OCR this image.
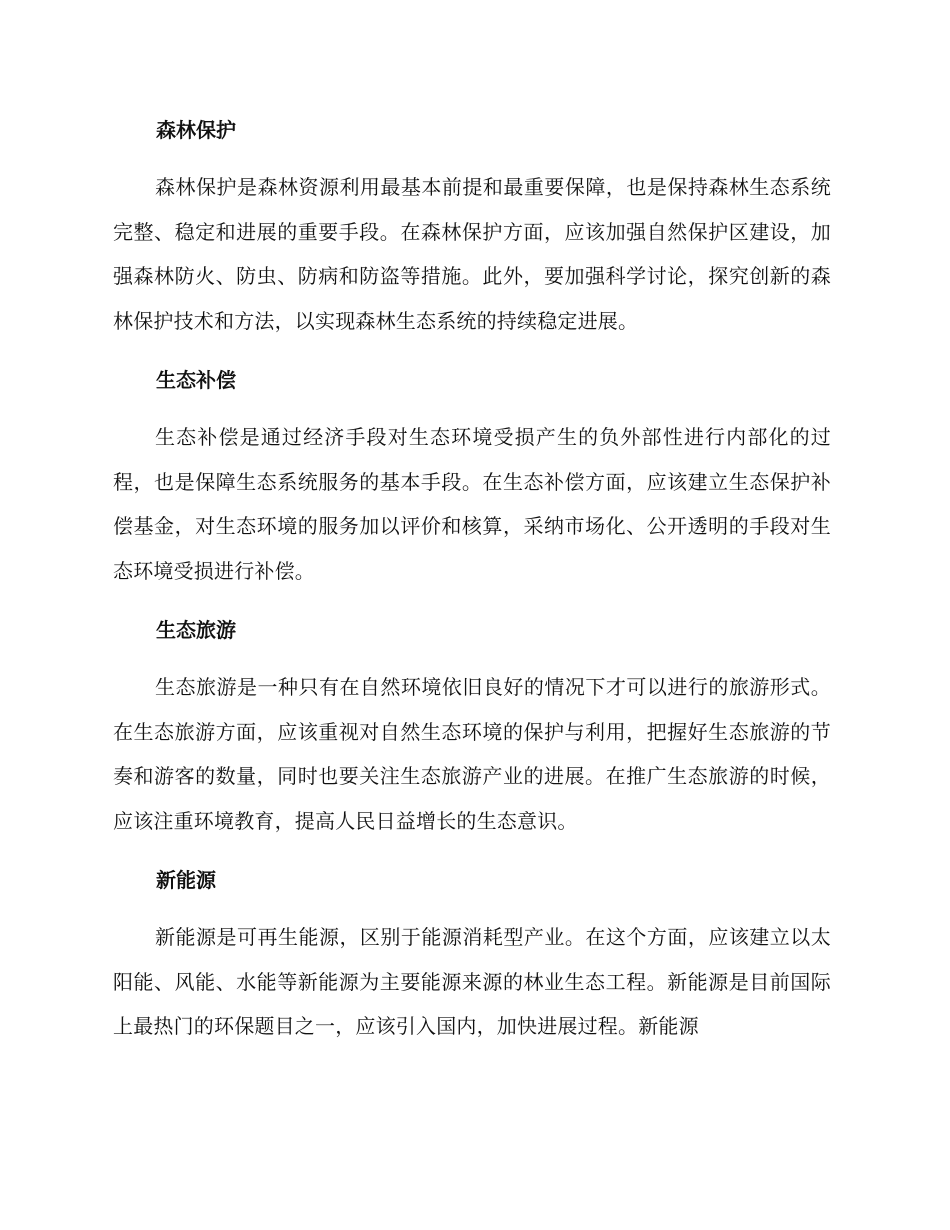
森林保护
森林保护是森林资源利用最基本前提和最重要保障，也是保持森林生态系统完整、稳定和进展的重要手段。在森林保护方面，应该加强自然保护区建设，加强森林防火、防虫、防病和防盗等措施。此外，要加强科学讨论，探究创新的森林保护技术和方法，以实现森林生态系统的持续稳定进展。
生态补偿
生态补偿是通过经济手段对生态环境受损产生的负外部性进行内部化的过程，也是保障生态系统服务的基本手段。在生态补偿方面，应该建立生态保护补偿基金，对生态环境的服务加以评价和核算，采纳市场化、公开透明的手段对生态环境受损进行补偿。
生态旅游
生态旅游是一种只有在自然环境依旧良好的情况下才可以进行的旅游形式。在生态旅游方面，应该重视对自然生态环境的保护与利用，把握好生态旅游的节奏和游客的数量，同时也要关注生态旅游产业的进展。在推广生态旅游的时候，应该注重环境教育，提高人民日益增长的生态意识。
新能源
新能源是可再生能源，区别于能源消耗型产业。在这个方面，应该建立以太阳能、风能、水能等新能源为主要能源来源的林业生态工程。新能源是目前国际上最热门的环保题目之一，应该引入国内，加快进展过程。新能源
